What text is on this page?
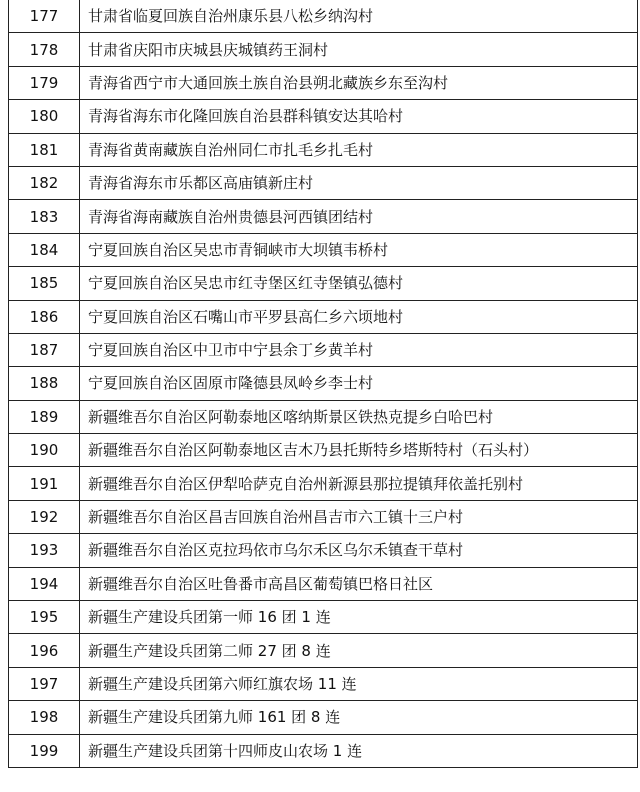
177	甘肃省临夏回族自治州康乐县八松乡纳沟村
178	甘肃省庆阳市庆城县庆城镇药王洞村
179	青海省西宁市大通回族土族自治县朔北藏族乡东至沟村
180	青海省海东市化隆回族自治县群科镇安达其哈村
181	青海省黄南藏族自治州同仁市扎毛乡扎毛村
182	青海省海东市乐都区高庙镇新庄村
183	青海省海南藏族自治州贵德县河西镇团结村
184	宁夏回族自治区吴忠市青铜峡市大坝镇韦桥村
185	宁夏回族自治区吴忠市红寺堡区红寺堡镇弘德村
186	宁夏回族自治区石嘴山市平罗县高仁乡六顷地村
187	宁夏回族自治区中卫市中宁县余丁乡黄羊村
188	宁夏回族自治区固原市隆德县凤岭乡李士村
189	新疆维吾尔自治区阿勒泰地区喀纳斯景区铁热克提乡白哈巴村
190	新疆维吾尔自治区阿勒泰地区吉木乃县托斯特乡塔斯特村（石头村）
191	新疆维吾尔自治区伊犁哈萨克自治州新源县那拉提镇拜依盖托别村
192	新疆维吾尔自治区昌吉回族自治州昌吉市六工镇十三户村
193	新疆维吾尔自治区克拉玛依市乌尔禾区乌尔禾镇查干草村
194	新疆维吾尔自治区吐鲁番市高昌区葡萄镇巴格日社区
195	新疆生产建设兵团第一师 16 团 1 连
196	新疆生产建设兵团第二师 27 团 8 连
197	新疆生产建设兵团第六师红旗农场 11 连
198	新疆生产建设兵团第九师 161 团 8 连
199	新疆生产建设兵团第十四师皮山农场 1 连
